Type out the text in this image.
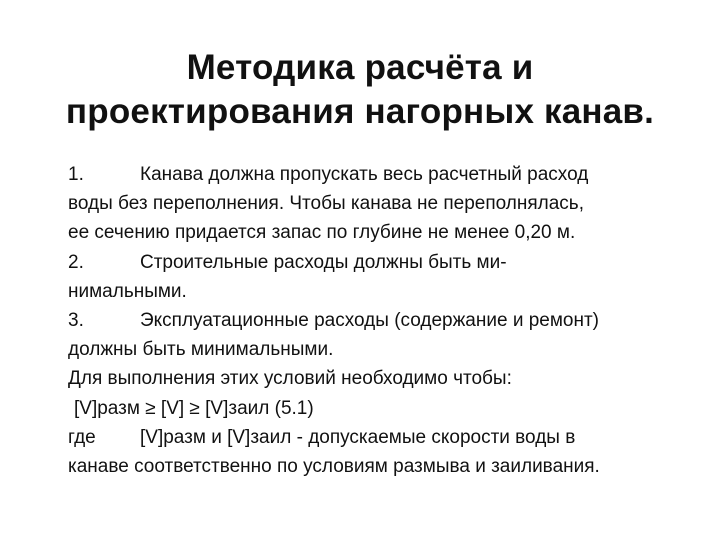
Методика расчёта и
проектирования нагорных канав.
1.	Канава должна пропускать весь расчетный расход
воды без переполнения. Чтобы канава не переполнялась,
ее сечению придается запас по глубине не менее 0,20 м.
2.	Строительные расходы должны быть ми-
нимальными.
3.	Эксплуатационные расходы (содержание и ремонт)
должны быть минимальными.
Для выполнения этих условий необходимо чтобы:
[V]разм ≥ [V] ≥ [V]заил (5.1)
где [V]разм и [V]заил - допускаемые скорости воды в
канаве соответственно по условиям размыва и заиливания.
